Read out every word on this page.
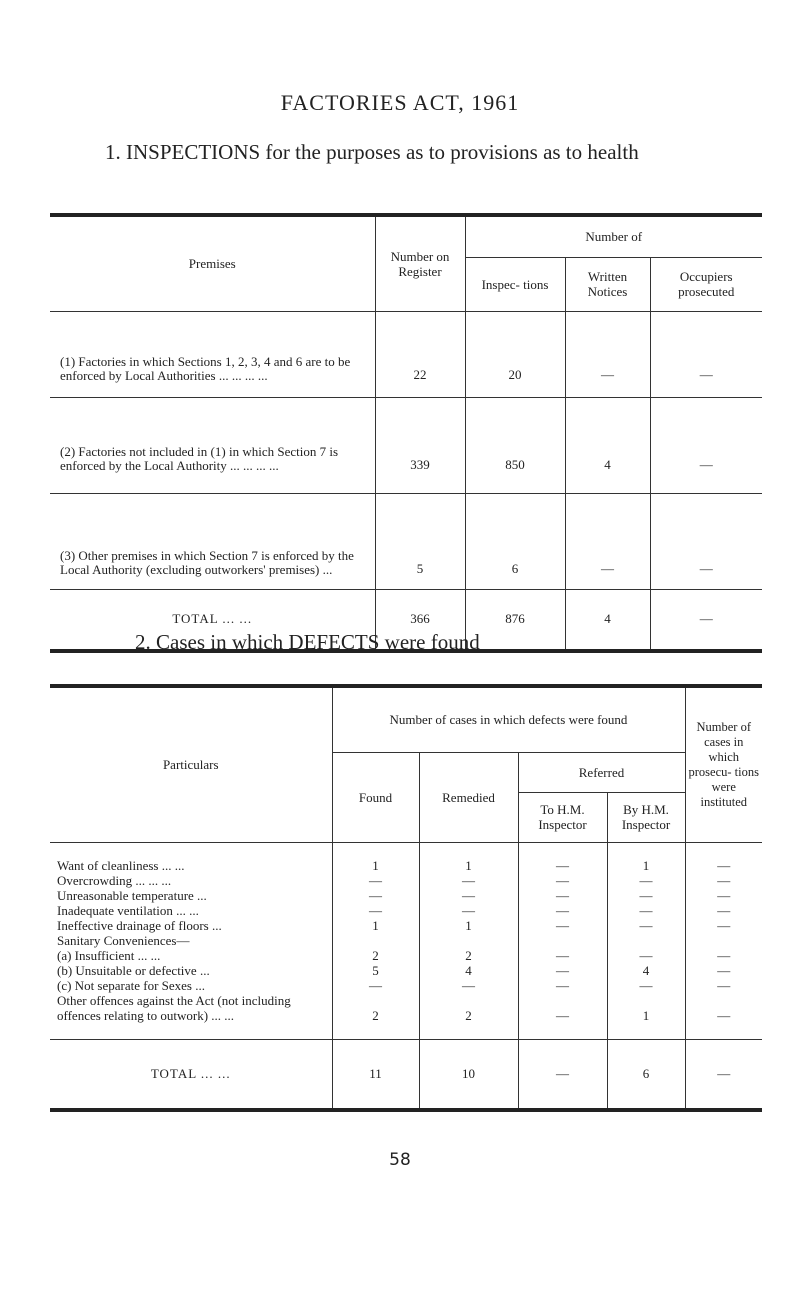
FACTORIES ACT, 1961
1. INSPECTIONS for the purposes as to provisions as to health
Premises	Number on Register	Number of		
		Inspec- tions	Written Notices	Occupiers prosecuted
(1) Factories in which Sections 1, 2, 3, 4 and 6 are to be enforced by Local Authorities ... ... ... ...	22	20	—	—
(2) Factories not included in (1) in which Section 7 is enforced by the Local Authority ... ... ... ...	339	850	4	—
(3) Other premises in which Section 7 is enforced by the Local Authority (excluding outworkers' premises) ...	5	6	—	—
TOTAL ... ...	366	876	4	—
2. Cases in which DEFECTS were found
Particulars	Number of cases in which defects were found				Number of cases in which prosecu- tions were instituted
	Found	Remedied	Referred		
			To H.M. Inspector	By H.M. Inspector	

Want of cleanliness ... ...	1	1	—	1	—
Overcrowding ... ... ...	—	—	—	—	—
Unreasonable temperature ...	—	—	—	—	—
Inadequate ventilation ... ...	—	—	—	—	—
Ineffective drainage of floors ...	1	1	—	—	—
Sanitary Conveniences—					
(a) Insufficient ... ...	2	2	—	—	—
(b) Unsuitable or defective ...	5	4	—	4	—
(c) Not separate for Sexes ...	—	—	—	—	—
Other offences against the Act (not including offences relating to outwork) ... ...	2	2	—	1	—
TOTAL ... ...	11	10	—	6	—
58
